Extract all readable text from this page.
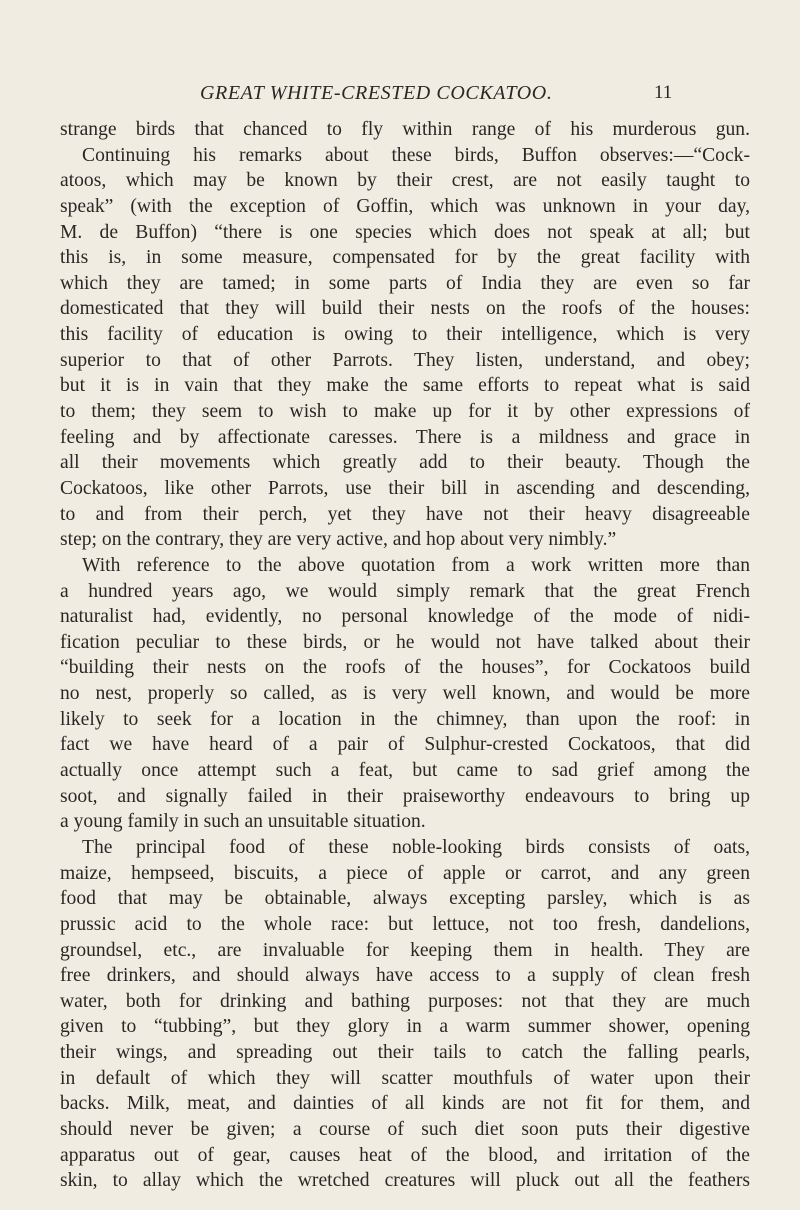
GREAT WHITE-CRESTED COCKATOO.	11
strange birds that chanced to fly within range of his murderous gun.
Continuing his remarks about these birds, Buffon observes:—“Cock-
atoos, which may be known by their crest, are not easily taught to
speak” (with the exception of Goffin, which was unknown in your day,
M. de Buffon) “there is one species which does not speak at all; but
this is, in some measure, compensated for by the great facility with
which they are tamed; in some parts of India they are even so far
domesticated that they will build their nests on the roofs of the houses:
this facility of education is owing to their intelligence, which is very
superior to that of other Parrots. They listen, understand, and obey;
but it is in vain that they make the same efforts to repeat what is said
to them; they seem to wish to make up for it by other expressions of
feeling and by affectionate caresses. There is a mildness and grace in
all their movements which greatly add to their beauty. Though the
Cockatoos, like other Parrots, use their bill in ascending and descending,
to and from their perch, yet they have not their heavy disagreeable
step; on the contrary, they are very active, and hop about very nimbly.”
With reference to the above quotation from a work written more than
a hundred years ago, we would simply remark that the great French
naturalist had, evidently, no personal knowledge of the mode of nidi-
fication peculiar to these birds, or he would not have talked about their
“building their nests on the roofs of the houses”, for Cockatoos build
no nest, properly so called, as is very well known, and would be more
likely to seek for a location in the chimney, than upon the roof: in
fact we have heard of a pair of Sulphur-crested Cockatoos, that did
actually once attempt such a feat, but came to sad grief among the
soot, and signally failed in their praiseworthy endeavours to bring up
a young family in such an unsuitable situation.
The principal food of these noble-looking birds consists of oats,
maize, hempseed, biscuits, a piece of apple or carrot, and any green
food that may be obtainable, always excepting parsley, which is as
prussic acid to the whole race: but lettuce, not too fresh, dandelions,
groundsel, etc., are invaluable for keeping them in health. They are
free drinkers, and should always have access to a supply of clean fresh
water, both for drinking and bathing purposes: not that they are much
given to “tubbing”, but they glory in a warm summer shower, opening
their wings, and spreading out their tails to catch the falling pearls,
in default of which they will scatter mouthfuls of water upon their
backs. Milk, meat, and dainties of all kinds are not fit for them, and
should never be given; a course of such diet soon puts their digestive
apparatus out of gear, causes heat of the blood, and irritation of the
skin, to allay which the wretched creatures will pluck out all the feathers
